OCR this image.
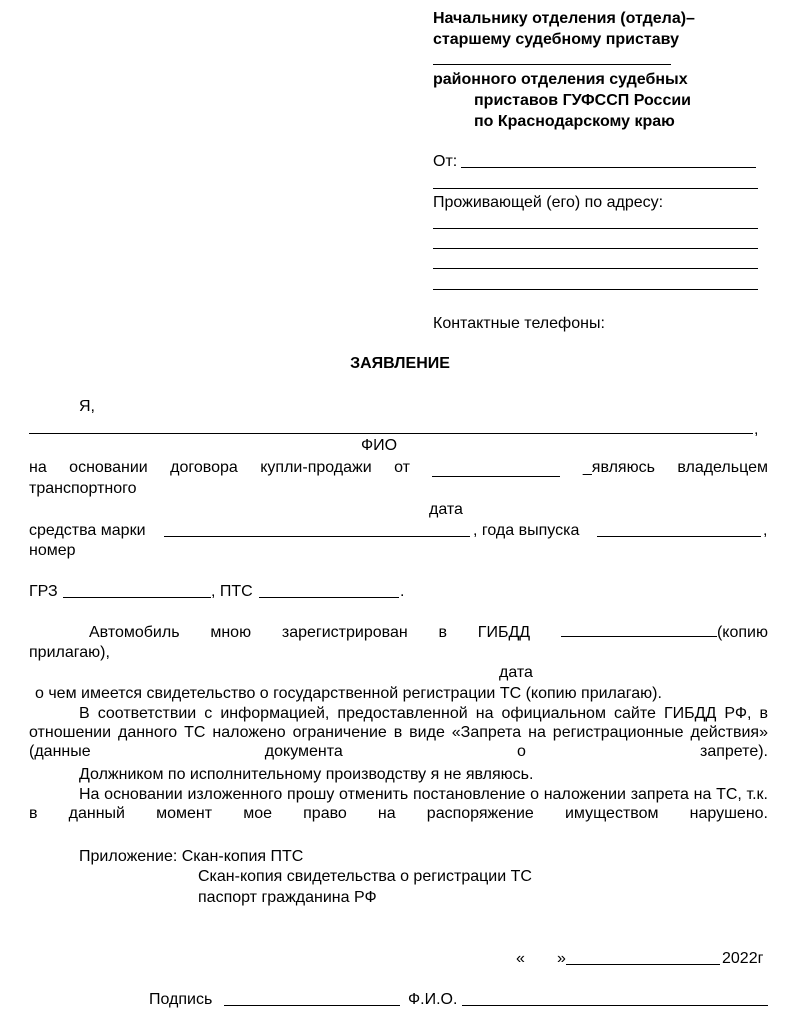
Начальнику отделения (отдела)–
старшему судебному приставу
районного отделения судебных
приставов ГУФССП России
по Краснодарскому краю
От:
Проживающей (его) по адресу:
Контактные телефоны:
ЗАЯВЛЕНИЕ
Я,
,
ФИО
на основании договора купли-продажи от	_являюсь владельцем
транспортного
дата
средства марки	, года выпуска	,
номер
ГРЗ	, ПТС	.
Автомобиль мною зарегистрирован в ГИБДД	(копию
прилагаю),
дата
о чем имеется свидетельство о государственной регистрации ТС (копию прилагаю).
В соответствии с информацией, предоставленной на официальном сайте ГИБДД РФ, в отношении данного ТС наложено ограничение в виде «Запрета на регистрационные действия» (данные документа о запрете).
Должником по исполнительному производству я не являюсь.
На основании изложенного прошу отменить постановление о наложении запрета на ТС, т.к. в данный момент мое право на распоряжение имуществом нарушено.
Приложение: Скан-копия ПТС
Скан-копия свидетельства о регистрации ТС
паспорт гражданина РФ
« »	2022г
Подпись	Ф.И.О.
